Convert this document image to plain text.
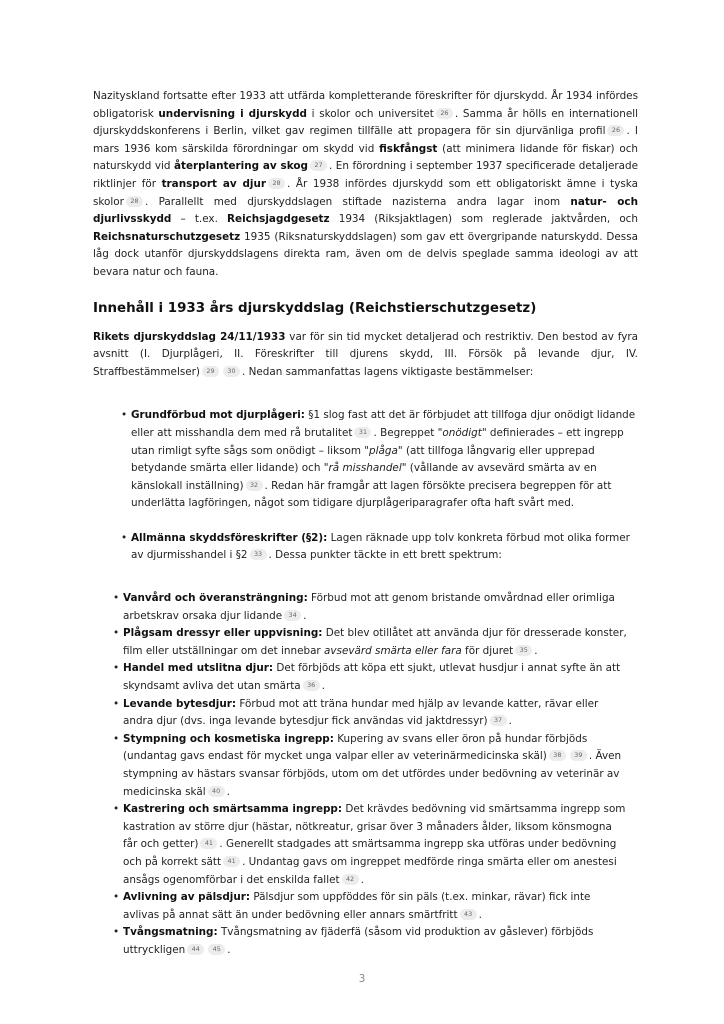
Nazityskland fortsatte efter 1933 att utfärda kompletterande föreskrifter för djurskydd. År 1934 infördes obligatorisk undervisning i djurskydd i skolor och universitet 26 . Samma år hölls en internationell djurskyddskonferens i Berlin, vilket gav regimen tillfälle att propagera för sin djurvänliga profil 26 . I mars 1936 kom särskilda förordningar om skydd vid fiskfångst (att minimera lidande för fiskar) och naturskydd vid återplantering av skog 27 . En förordning i september 1937 specificerade detaljerade riktlinjer för transport av djur 28 . År 1938 infördes djurskydd som ett obligatoriskt ämne i tyska skolor 28 . Parallellt med djurskyddslagen stiftade nazisterna andra lagar inom natur- och djurlivsskydd – t.ex. Reichsjagdgesetz 1934 (Riksjaktlagen) som reglerade jaktvården, och Reichsnaturschutzgesetz 1935 (Riksnaturskyddslagen) som gav ett övergripande naturskydd. Dessa låg dock utanför djurskyddslagens direkta ram, även om de delvis speglade samma ideologi av att bevara natur och fauna.

Innehåll i 1933 års djurskyddslag (Reichstierschutzgesetz)

Rikets djurskyddslag 24/11/1933 var för sin tid mycket detaljerad och restriktiv. Den bestod av fyra avsnitt (I. Djurplågeri, II. Föreskrifter till djurens skydd, III. Försök på levande djur, IV. Straffbestämmelser) 29 30 . Nedan sammanfattas lagens viktigaste bestämmelser:

• Grundförbud mot djurplågeri: §1 slog fast att det är förbjudet att tillfoga djur onödigt lidande eller att misshandla dem med rå brutalitet 31 . Begreppet "onödigt" definierades – ett ingrepp utan rimligt syfte sågs som onödigt – liksom "plåga" (att tillfoga långvarig eller upprepad betydande smärta eller lidande) och "rå misshandel" (vållande av avsevärd smärta av en känslokall inställning) 32 . Redan här framgår att lagen försökte precisera begreppen för att underlätta lagföringen, något som tidigare djurplågeriparagrafer ofta haft svårt med.
• Allmänna skyddsföreskrifter (§2): Lagen räknade upp tolv konkreta förbud mot olika former av djurmisshandel i §2 33 . Dessa punkter täckte in ett brett spektrum:
• Vanvård och överansträngning: Förbud mot att genom bristande omvårdnad eller orimliga arbetskrav orsaka djur lidande 34 .
• Plågsam dressyr eller uppvisning: Det blev otillåtet att använda djur för dresserade konster, film eller utställningar om det innebar avsevärd smärta eller fara för djuret 35 .
• Handel med utslitna djur: Det förbjöds att köpa ett sjukt, utlevat husdjur i annat syfte än att skyndsamt avliva det utan smärta 36 .
• Levande bytesdjur: Förbud mot att träna hundar med hjälp av levande katter, rävar eller andra djur (dvs. inga levande bytesdjur fick användas vid jaktdressyr) 37 .
• Stympning och kosmetiska ingrepp: Kupering av svans eller öron på hundar förbjöds (undantag gavs endast för mycket unga valpar eller av veterinärmedicinska skäl) 38 39 . Även stympning av hästars svansar förbjöds, utom om det utfördes under bedövning av veterinär av medicinska skäl 40 .
• Kastrering och smärtsamma ingrepp: Det krävdes bedövning vid smärtsamma ingrepp som kastration av större djur (hästar, nötkreatur, grisar över 3 månaders ålder, liksom könsmogna får och getter) 41 . Generellt stadgades att smärtsamma ingrepp ska utföras under bedövning och på korrekt sätt 41 . Undantag gavs om ingreppet medförde ringa smärta eller om anestesi ansågs ogenomförbar i det enskilda fallet 42 .
• Avlivning av pälsdjur: Pälsdjur som uppföddes för sin päls (t.ex. minkar, rävar) fick inte avlivas på annat sätt än under bedövning eller annars smärtfritt 43 .
• Tvångsmatning: Tvångsmatning av fjäderfä (såsom vid produktion av gåslever) förbjöds uttryckligen 44 45 .
3
